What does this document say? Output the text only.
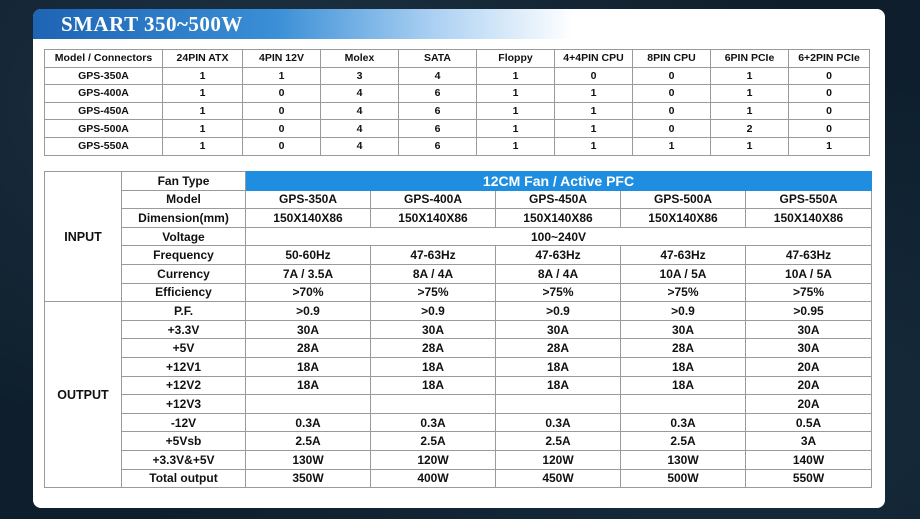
SMART 350~500W
Model / Connectors	24PIN ATX	4PIN 12V	Molex	SATA	Floppy	4+4PIN CPU	8PIN CPU	6PIN PCIe	6+2PIN PCIe
GPS-350A	1	1	3	4	1	0	0	1	0
GPS-400A	1	0	4	6	1	1	0	1	0
GPS-450A	1	0	4	6	1	1	0	1	0
GPS-500A	1	0	4	6	1	1	0	2	0
GPS-550A	1	0	4	6	1	1	1	1	1
INPUT	Fan Type	12CM Fan / Active PFC				
	Model	GPS-350A	GPS-400A	GPS-450A	GPS-500A	GPS-550A
	Dimension(mm)	150X140X86	150X140X86	150X140X86	150X140X86	150X140X86
	Voltage	100~240V				
	Frequency	50-60Hz	47-63Hz	47-63Hz	47-63Hz	47-63Hz
	Currency	7A / 3.5A	8A / 4A	8A / 4A	10A / 5A	10A / 5A
	Efficiency	>70%	>75%	>75%	>75%	>75%
OUTPUT	P.F.	>0.9	>0.9	>0.9	>0.9	>0.95
	+3.3V	30A	30A	30A	30A	30A
	+5V	28A	28A	28A	28A	30A
	+12V1	18A	18A	18A	18A	20A
	+12V2	18A	18A	18A	18A	20A
	+12V3					20A
	-12V	0.3A	0.3A	0.3A	0.3A	0.5A
	+5Vsb	2.5A	2.5A	2.5A	2.5A	3A
	+3.3V&+5V	130W	120W	120W	130W	140W
	Total output	350W	400W	450W	500W	550W
